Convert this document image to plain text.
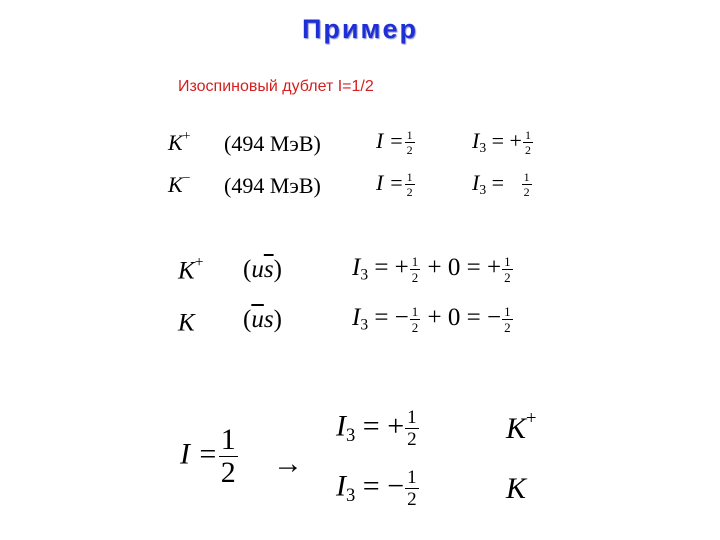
Пример
Изоспиновый дублет I=1/2
K+ (494 МэВ)	$I = \frac{1}{2}$	$I_3$ = + $\frac{1}{2}$
K− (494 МэВ)	$I = \frac{1}{2}$	$I_3 = \frac{1}{2}$
K+ $(u\overline{s})$	$I_3$ = + $\frac{1}{2} + 0$ = + $\frac{1}{2}$
K $(\overline{u}s)$	$I_3$ = − $\frac{1}{2} + 0$ = − $\frac{1}{2}$
$I = \frac{1}{2}$ →
$I_3$ = + $\frac{1}{2}$	K+
$I_3$ = − $\frac{1}{2}$	K
